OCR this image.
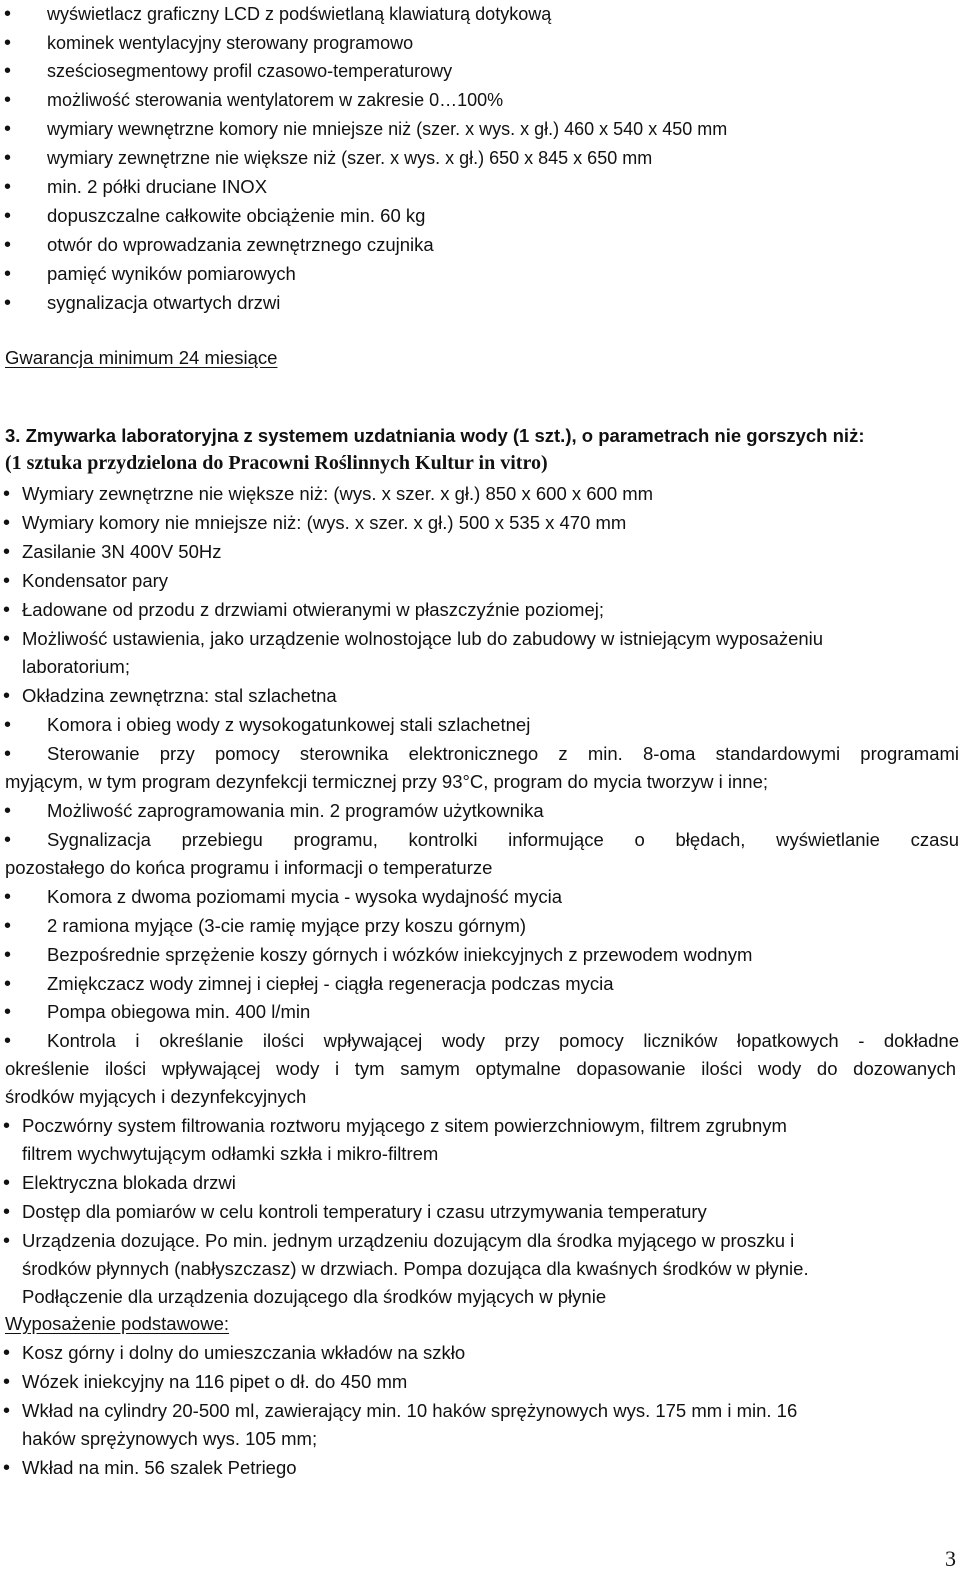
• wyświetlacz graficzny LCD z podświetlaną klawiaturą dotykową
• kominek wentylacyjny sterowany programowo
• sześciosegmentowy profil czasowo-temperaturowy
• możliwość sterowania wentylatorem w zakresie 0…100%
• wymiary wewnętrzne komory nie mniejsze niż (szer. x wys. x gł.) 460 x 540 x 450 mm
• wymiary zewnętrzne nie większe niż (szer. x wys. x gł.) 650 x 845 x 650 mm
• min. 2 półki druciane INOX
• dopuszczalne całkowite obciążenie min. 60 kg
• otwór do wprowadzania zewnętrznego czujnika
• pamięć wyników pomiarowych
• sygnalizacja otwartych drzwi
Gwarancja minimum 24 miesiące
3. Zmywarka laboratoryjna z systemem uzdatniania wody (1 szt.), o parametrach nie gorszych niż:
(1 sztuka przydzielona do Pracowni Roślinnych Kultur in vitro)
• Wymiary zewnętrzne nie większe niż: (wys. x szer. x gł.) 850 x 600 x 600 mm
• Wymiary komory nie mniejsze niż: (wys. x szer. x gł.) 500 x 535 x 470 mm
• Zasilanie 3N 400V 50Hz
• Kondensator pary
• Ładowane od przodu z drzwiami otwieranymi w płaszczyźnie poziomej;
• Możliwość ustawienia, jako urządzenie wolnostojące lub do zabudowy w istniejącym wyposażeniu
laboratorium;
• Okładzina zewnętrzna: stal szlachetna
• Komora i obieg wody z wysokogatunkowej stali szlachetnej
• Sterowanie przy pomocy sterownika elektronicznego z min. 8-oma standardowymi programami
myjącym, w tym program dezynfekcji termicznej przy 93°C, program do mycia tworzyw i inne;
• Możliwość zaprogramowania min. 2 programów użytkownika
• Sygnalizacja przebiegu programu, kontrolki informujące o błędach, wyświetlanie czasu
pozostałego do końca programu i informacji o temperaturze
• Komora z dwoma poziomami mycia - wysoka wydajność mycia
• 2 ramiona myjące (3-cie ramię myjące przy koszu górnym)
• Bezpośrednie sprzężenie koszy górnych i wózków iniekcyjnych z przewodem wodnym
• Zmiękczacz wody zimnej i ciepłej - ciągła regeneracja podczas mycia
• Pompa obiegowa min. 400 l/min
• Kontrola i określanie ilości wpływającej wody przy pomocy liczników łopatkowych - dokładne
określenie ilości wpływającej wody i tym samym optymalne dopasowanie ilości wody do dozowanych
środków myjących i dezynfekcyjnych
• Poczwórny system filtrowania roztworu myjącego z sitem powierzchniowym, filtrem zgrubnym
filtrem wychwytującym odłamki szkła i mikro-filtrem
• Elektryczna blokada drzwi
• Dostęp dla pomiarów w celu kontroli temperatury i czasu utrzymywania temperatury
• Urządzenia dozujące. Po min. jednym urządzeniu dozującym dla środka myjącego w proszku i
środków płynnych (nabłyszczasz) w drzwiach. Pompa dozująca dla kwaśnych środków w płynie.
Podłączenie dla urządzenia dozującego dla środków myjących w płynie
Wyposażenie podstawowe:
• Kosz górny i dolny do umieszczania wkładów na szkło
• Wózek iniekcyjny na 116 pipet o dł. do 450 mm
• Wkład na cylindry 20-500 ml, zawierający min. 10 haków sprężynowych wys. 175 mm i min. 16
haków sprężynowych wys. 105 mm;
• Wkład na min. 56 szalek Petriego
3
